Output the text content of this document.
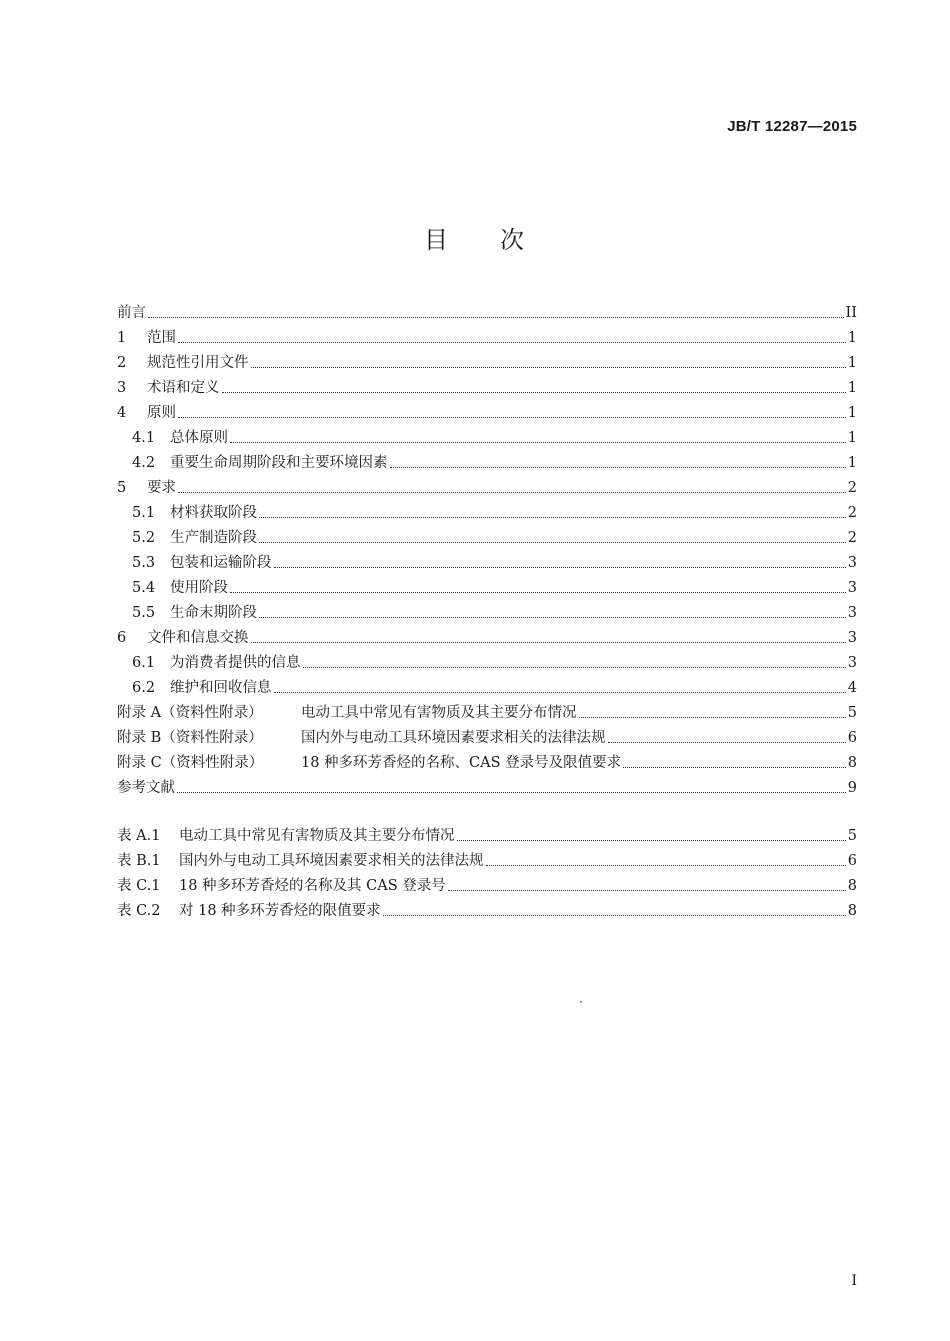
JB/T 12287—2015
目 次
前言	II
1	范围	1
2	规范性引用文件	1
3	术语和定义	1
4	原则	1
4.1	总体原则	1
4.2	重要生命周期阶段和主要环境因素	1
5	要求	2
5.1	材料获取阶段	2
5.2	生产制造阶段	2
5.3	包装和运输阶段	3
5.4	使用阶段	3
5.5	生命末期阶段	3
6	文件和信息交换	3
6.1	为消费者提供的信息	3
6.2	维护和回收信息	4
附录 A（资料性附录）	电动工具中常见有害物质及其主要分布情况	5
附录 B（资料性附录）	国内外与电动工具环境因素要求相关的法律法规	6
附录 C（资料性附录）	18 种多环芳香烃的名称、CAS 登录号及限值要求	8
参考文献	9
表 A.1	电动工具中常见有害物质及其主要分布情况	5
表 B.1	国内外与电动工具环境因素要求相关的法律法规	6
表 C.1	18 种多环芳香烃的名称及其 CAS 登录号	8
表 C.2	对 18 种多环芳香烃的限值要求	8
I
